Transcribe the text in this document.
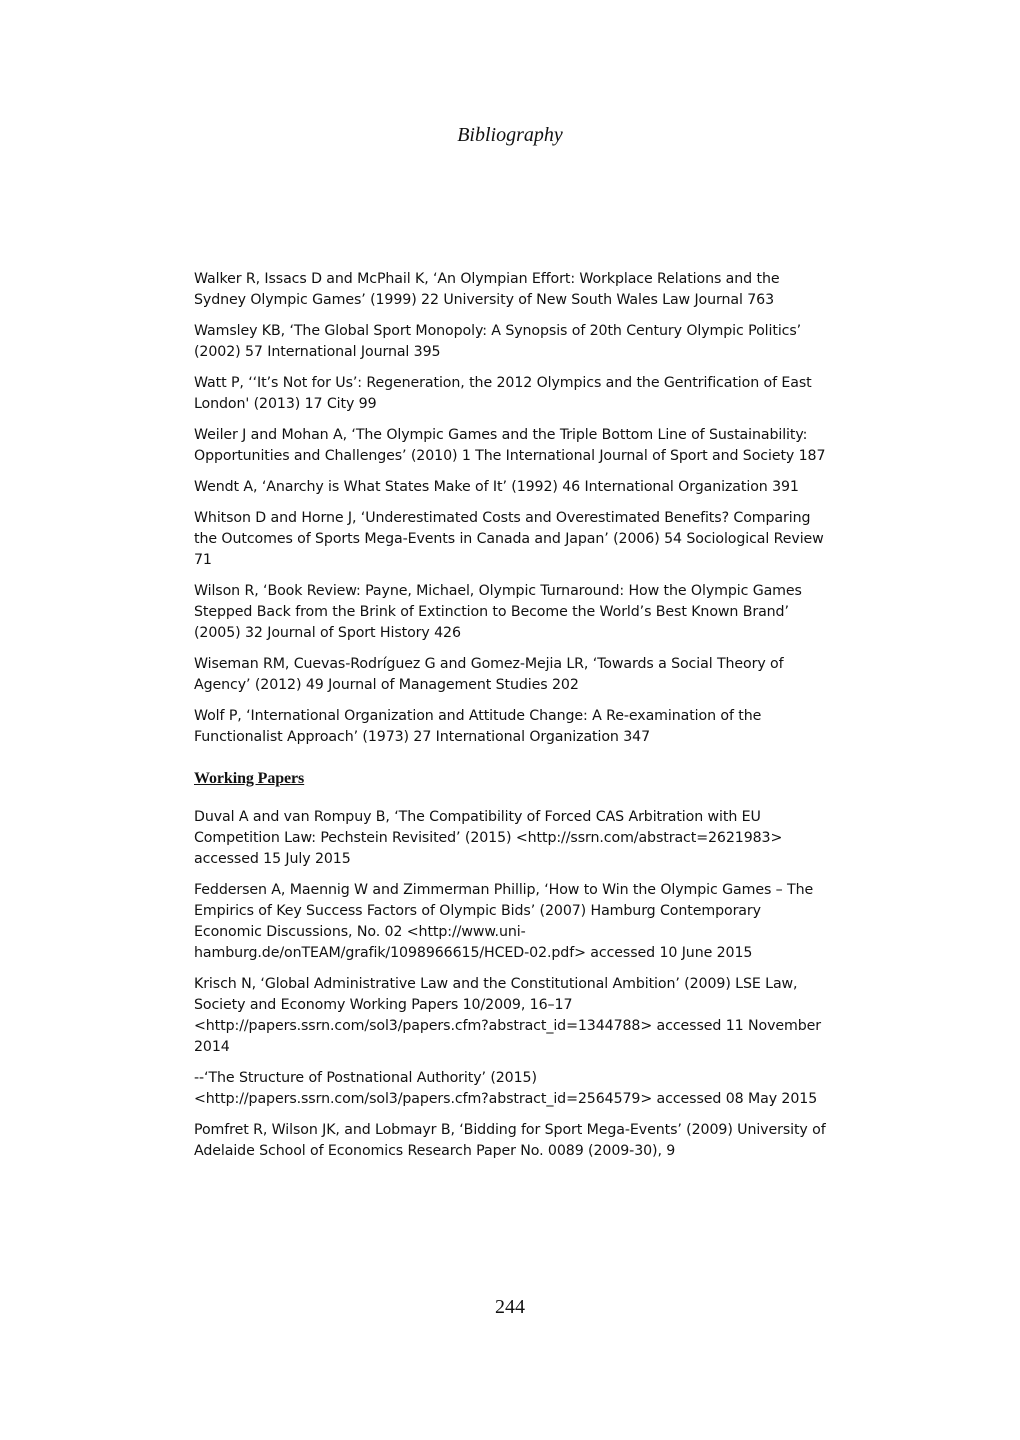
Bibliography

Walker R, Issacs D and McPhail K, ‘An Olympian Effort: Workplace Relations and the Sydney Olympic Games’ (1999) 22 University of New South Wales Law Journal 763

Wamsley KB, ‘The Global Sport Monopoly: A Synopsis of 20th Century Olympic Politics’ (2002) 57 International Journal 395

Watt P, ‘‘It’s Not for Us’: Regeneration, the 2012 Olympics and the Gentrification of East London' (2013) 17 City 99

Weiler J and Mohan A, ‘The Olympic Games and the Triple Bottom Line of Sustainability: Opportunities and Challenges’ (2010) 1 The International Journal of Sport and Society 187

Wendt A, ‘Anarchy is What States Make of It’ (1992) 46 International Organization 391

Whitson D and Horne J, ‘Underestimated Costs and Overestimated Benefits? Comparing the Outcomes of Sports Mega-Events in Canada and Japan’ (2006) 54 Sociological Review 71

Wilson R, ‘Book Review: Payne, Michael, Olympic Turnaround: How the Olympic Games Stepped Back from the Brink of Extinction to Become the World’s Best Known Brand’ (2005) 32 Journal of Sport History 426

Wiseman RM, Cuevas-Rodríguez G and Gomez-Mejia LR, ‘Towards a Social Theory of Agency’ (2012) 49 Journal of Management Studies 202

Wolf P, ‘International Organization and Attitude Change: A Re-examination of the Functionalist Approach’ (1973) 27 International Organization 347

Working Papers

Duval A and van Rompuy B, ‘The Compatibility of Forced CAS Arbitration with EU Competition Law: Pechstein Revisited’ (2015) <http://ssrn.com/abstract=2621983> accessed 15 July 2015

Feddersen A, Maennig W and Zimmerman Phillip, ‘How to Win the Olympic Games – The Empirics of Key Success Factors of Olympic Bids’ (2007) Hamburg Contemporary Economic Discussions, No. 02 <http://www.uni-hamburg.de/onTEAM/grafik/1098966615/HCED-02.pdf> accessed 10 June 2015

Krisch N, ‘Global Administrative Law and the Constitutional Ambition’ (2009) LSE Law, Society and Economy Working Papers 10/2009, 16–17 <http://papers.ssrn.com/sol3/papers.cfm?abstract_id=1344788> accessed 11 November 2014

--‘The Structure of Postnational Authority’ (2015) <http://papers.ssrn.com/sol3/papers.cfm?abstract_id=2564579> accessed 08 May 2015

Pomfret R, Wilson JK, and Lobmayr B, ‘Bidding for Sport Mega-Events’ (2009) University of Adelaide School of Economics Research Paper No. 0089 (2009-30), 9

244
